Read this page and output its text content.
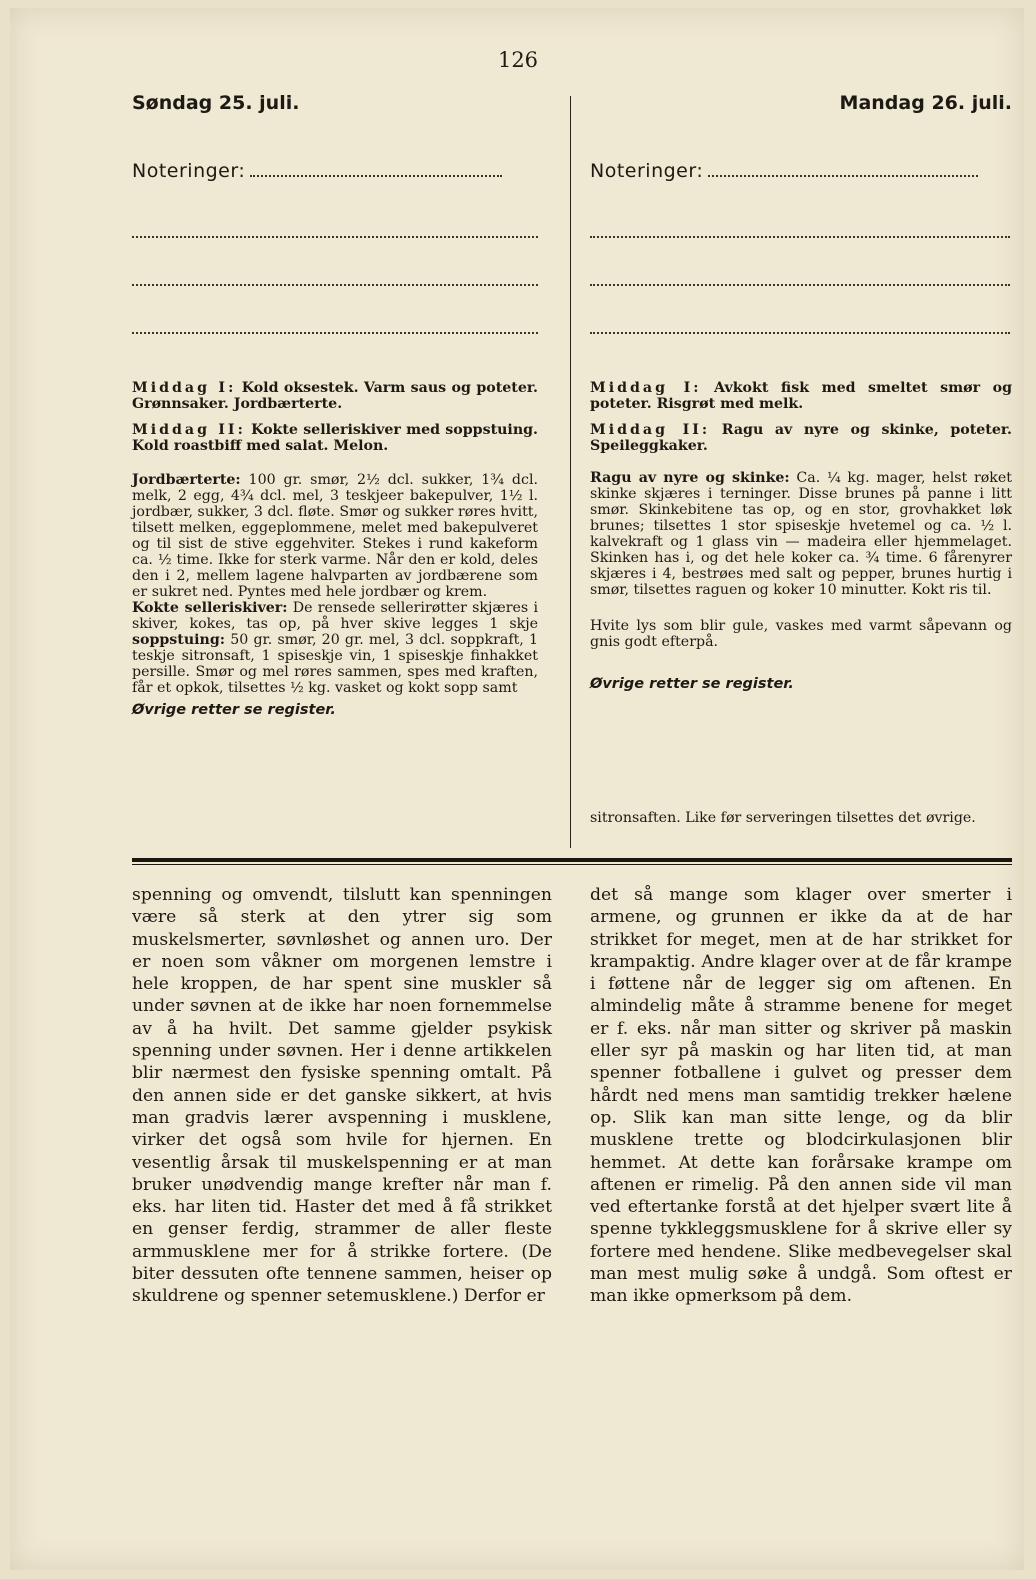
126
Søndag 25. juli.	Mandag 26. juli.
Noteringer:	Noteringer:

Middag I: Kold oksestek. Varm saus og poteter. Grønnsaker. Jordbærterte.

Middag II: Kokte selleriskiver med soppstuing. Kold roastbiff med salat. Melon.

Jordbærterte: 100 gr. smør, 2½ dcl. sukker, 1¾ dcl. melk, 2 egg, 4¾ dcl. mel, 3 teskjeer bakepulver, 1½ l. jordbær, sukker, 3 dcl. fløte. Smør og sukker røres hvitt, tilsett melken, eggeplommene, melet med bakepulveret og til sist de stive eggehviter. Stekes i rund kakeform ca. ½ time. Ikke for sterk varme. Når den er kold, deles den i 2, mellem lagene halvparten av jordbærene som er sukret ned. Pyntes med hele jordbær og krem.

Kokte selleriskiver: De rensede sellerirøtter skjæres i skiver, kokes, tas op, på hver skive legges 1 skje soppstuing: 50 gr. smør, 20 gr. mel, 3 dcl. soppkraft, 1 teskje sitronsaft, 1 spiseskje vin, 1 spiseskje finhakket persille. Smør og mel røres sammen, spes med kraften, får et opkok, tilsettes ½ kg. vasket og kokt sopp samt

Øvrige retter se register.

Middag I: Avkokt fisk med smeltet smør og poteter. Risgrøt med melk.

Middag II: Ragu av nyre og skinke, poteter. Speileggkaker.

Ragu av nyre og skinke: Ca. ¼ kg. mager, helst røket skinke skjæres i terninger. Disse brunes på panne i litt smør. Skinkebitene tas op, og en stor, grovhakket løk brunes; tilsettes 1 stor spiseskje hvetemel og ca. ½ l. kalvekraft og 1 glass vin — madeira eller hjemmelaget. Skinken has i, og det hele koker ca. ¾ time. 6 fårenyrer skjæres i 4, bestrøes med salt og pepper, brunes hurtig i smør, tilsettes raguen og koker 10 minutter. Kokt ris til.

Hvite lys som blir gule, vaskes med varmt såpevann og gnis godt efterpå.

Øvrige retter se register.

sitronsaften. Like før serveringen tilsettes det øvrige.

spenning og omvendt, tilslutt kan spenningen være så sterk at den ytrer sig som muskelsmerter, søvnløshet og annen uro. Der er noen som våkner om morgenen lemstre i hele kroppen, de har spent sine muskler så under søvnen at de ikke har noen fornemmelse av å ha hvilt. Det samme gjelder psykisk spenning under søvnen. Her i denne artikkelen blir nærmest den fysiske spenning omtalt. På den annen side er det ganske sikkert, at hvis man gradvis lærer avspenning i musklene, virker det også som hvile for hjernen. En vesentlig årsak til muskelspenning er at man bruker unødvendig mange krefter når man f. eks. har liten tid. Haster det med å få strikket en genser ferdig, strammer de aller fleste armmusklene mer for å strikke fortere. (De biter dessuten ofte tennene sammen, heiser op skuldrene og spenner setemusklene.) Derfor er
det så mange som klager over smerter i armene, og grunnen er ikke da at de har strikket for meget, men at de har strikket for krampaktig. Andre klager over at de får krampe i føttene når de legger sig om aftenen. En almindelig måte å stramme benene for meget er f. eks. når man sitter og skriver på maskin eller syr på maskin og har liten tid, at man spenner fotballene i gulvet og presser dem hårdt ned mens man samtidig trekker hælene op. Slik kan man sitte lenge, og da blir musklene trette og blodcirkulasjonen blir hemmet. At dette kan forårsake krampe om aftenen er rimelig. På den annen side vil man ved eftertanke forstå at det hjelper svært lite å spenne tykkleggsmusklene for å skrive eller sy fortere med hendene. Slike medbevegelser skal man mest mulig søke å undgå. Som oftest er man ikke opmerksom på dem.
